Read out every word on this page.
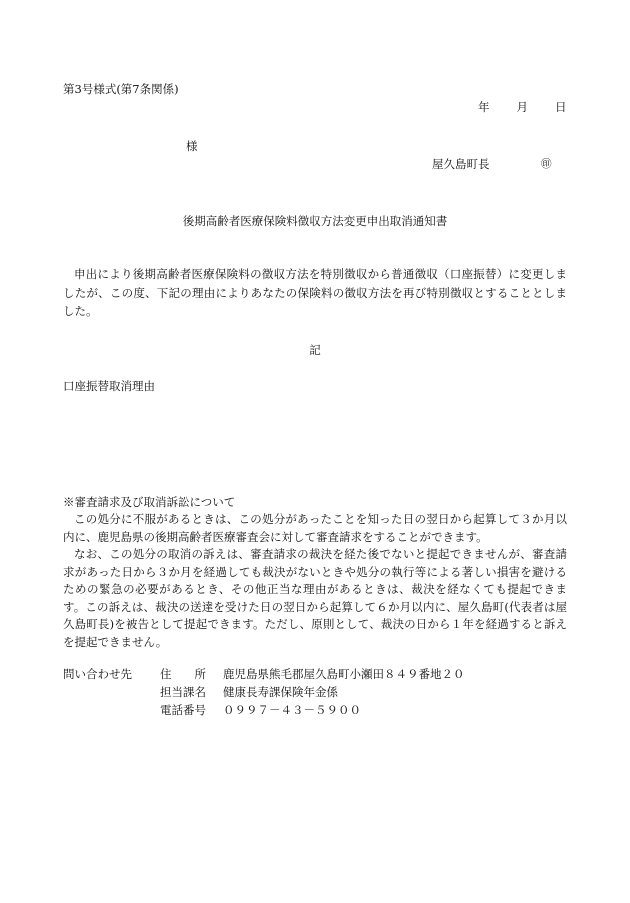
第3号様式(第7条関係)
年 月 日
様
屋久島町長	㊞
後期高齢者医療保険料徴収方法変更申出取消通知書
申出により後期高齢者医療保険料の徴収方法を特別徴収から普通徴収（口座振替）に変更しましたが、この度、下記の理由によりあなたの保険料の徴収方法を再び特別徴収とすることとしました。
記
口座振替取消理由
※審査請求及び取消訴訟について
この処分に不服があるときは、この処分があったことを知った日の翌日から起算して３か月以内に、鹿児島県の後期高齢者医療審査会に対して審査請求をすることができます。
なお、この処分の取消の訴えは、審査請求の裁決を経た後でないと提起できませんが、審査請求があった日から３か月を経過しても裁決がないときや処分の執行等による著しい損害を避けるための緊急の必要があるとき、その他正当な理由があるときは、裁決を経なくても提起できます。この訴えは、裁決の送達を受けた日の翌日から起算して６か月以内に、屋久島町(代表者は屋久島町長)を被告として提起できます。ただし、原則として、裁決の日から１年を経過すると訴えを提起できません。
問い合わせ先	住　　所	鹿児島県熊毛郡屋久島町小瀬田８４９番地２０
担当課名	健康長寿課保険年金係
電話番号	０９９７－４３－５９００
